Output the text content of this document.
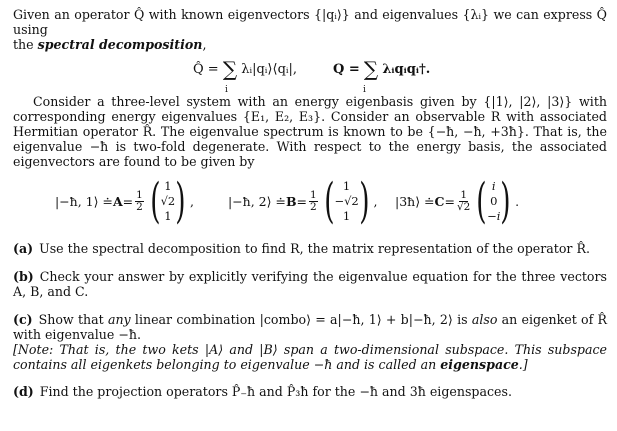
Given an operator Q̂ with known eigenvectors {|qᵢ⟩} and eigenvalues {λᵢ} we can express Q̂ using
the spectral decomposition,

Q̂ = ∑
i
λᵢ|qᵢ⟩⟨qᵢ|,	Q = ∑
i
λᵢqᵢqᵢ†.

Consider a three-level system with an energy eigenbasis given by {|1⟩, |2⟩, |3⟩} with corresponding energy eigenvalues {E₁, E₂, E₃}. Consider an observable R with associated Hermitian operator R̂. The eigenvalue spectrum is known to be {−ħ, −ħ, +3ħ}. That is, the eigenvalue −ħ is two-fold degenerate. With respect to the energy basis, the associated eigenvectors are found to be given by

|−ħ, 1⟩ ≐ $A = \frac{1}{2}$ ( 1
√2
1 ) ,	|−ħ, 2⟩ ≐ $B = \frac{1}{2}$ ( 1
−√2
1 ) , |3ħ⟩ ≐ $C = \frac{1}{√2}$ ( i
0
−i ) .

(a) Use the spectral decomposition to find R, the matrix representation of the operator R̂.

(b) Check your answer by explicitly verifying the eigenvalue equation for the three vectors A, B, and C.

(c) Show that any linear combination |combo⟩ = a|−ħ, 1⟩ + b|−ħ, 2⟩ is also an eigenket of R̂ with eigenvalue −ħ.

[Note: That is, the two kets |A⟩ and |B⟩ span a two-dimensional subspace. This subspace contains all eigenkets belonging to eigenvalue −ħ and is called an eigenspace.]

(d) Find the projection operators P̂₋ħ and P̂₃ħ for the −ħ and 3ħ eigenspaces.
